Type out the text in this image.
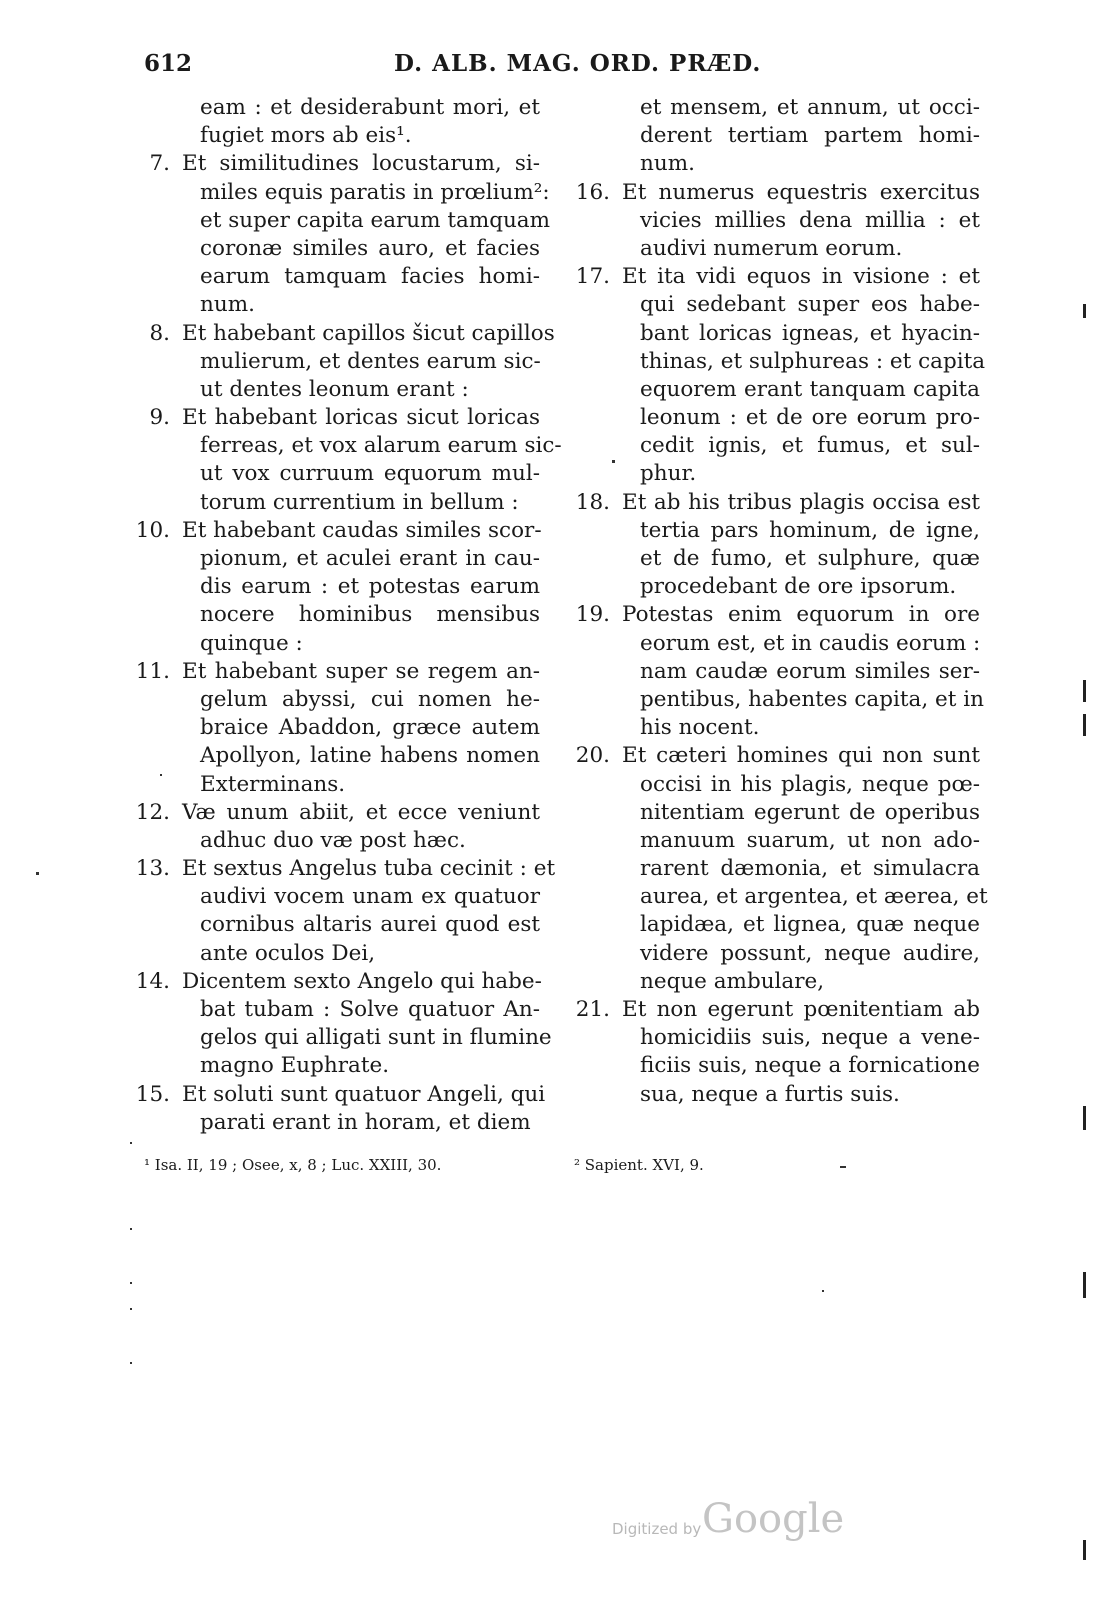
612	D. ALB. MAG. ORD. PRÆD.
eam : et desiderabunt mori, et
fugiet mors ab eis¹.
7. Et similitudines locustarum, si-
miles equis paratis in prœlium²:
et super capita earum tamquam
coronæ similes auro, et facies
earum tamquam facies homi-
num.
8. Et habebant capillos šicut capillos
mulierum, et dentes earum sic-
ut dentes leonum erant :
9. Et habebant loricas sicut loricas
ferreas, et vox alarum earum sic-
ut vox curruum equorum mul-
torum currentium in bellum :
10. Et habebant caudas similes scor-
pionum, et aculei erant in cau-
dis earum : et potestas earum
nocere hominibus mensibus
quinque :
11. Et habebant super se regem an-
gelum abyssi, cui nomen he-
braice Abaddon, græce autem
Apollyon, latine habens nomen
Exterminans.
12. Væ unum abiit, et ecce veniunt
adhuc duo væ post hæc.
13. Et sextus Angelus tuba cecinit : et
audivi vocem unam ex quatuor
cornibus altaris aurei quod est
ante oculos Dei,
14. Dicentem sexto Angelo qui habe-
bat tubam : Solve quatuor An-
gelos qui alligati sunt in flumine
magno Euphrate.
15. Et soluti sunt quatuor Angeli, qui
parati erant in horam, et diem
et mensem, et annum, ut occi-
derent tertiam partem homi-
num.
16. Et numerus equestris exercitus
vicies millies dena millia : et
audivi numerum eorum.
17. Et ita vidi equos in visione : et
qui sedebant super eos habe-
bant loricas igneas, et hyacin-
thinas, et sulphureas : et capita
equorem erant tanquam capita
leonum : et de ore eorum pro-
cedit ignis, et fumus, et sul-
phur.
18. Et ab his tribus plagis occisa est
tertia pars hominum, de igne,
et de fumo, et sulphure, quæ
procedebant de ore ipsorum.
19. Potestas enim equorum in ore
eorum est, et in caudis eorum :
nam caudæ eorum similes ser-
pentibus, habentes capita, et in
his nocent.
20. Et cæteri homines qui non sunt
occisi in his plagis, neque pœ-
nitentiam egerunt de operibus
manuum suarum, ut non ado-
rarent dæmonia, et simulacra
aurea, et argentea, et æerea, et
lapidæa, et lignea, quæ neque
videre possunt, neque audire,
neque ambulare,
21. Et non egerunt pœnitentiam ab
homicidiis suis, neque a vene-
ficiis suis, neque a fornicatione
sua, neque a furtis suis.
¹ Isa. II, 19 ; Osee, x, 8 ; Luc. XXIII, 30.	² Sapient. XVI, 9.
Digitized by Google
